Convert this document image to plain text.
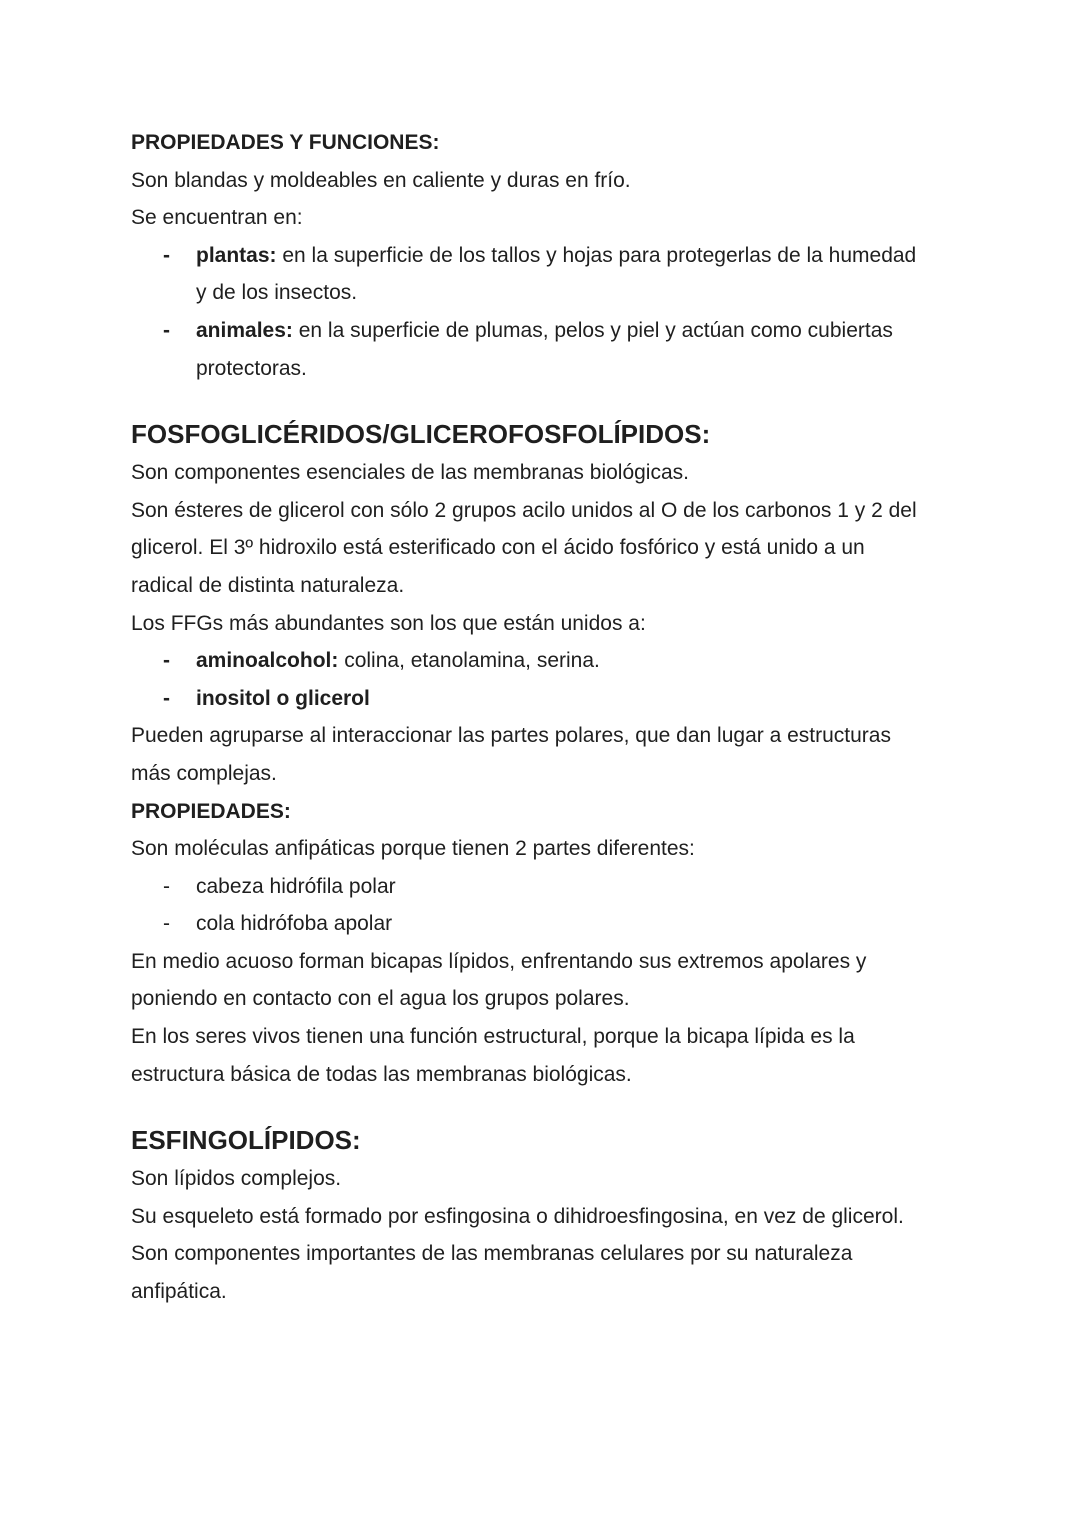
PROPIEDADES Y FUNCIONES:

Son blandas y moldeables en caliente y duras en frío.

Se encuentran en:

- plantas: en la superficie de los tallos y hojas para protegerlas de la humedad
y de los insectos.
- animales: en la superficie de plumas, pelos y piel y actúan como cubiertas
protectoras.

FOSFOGLICÉRIDOS/GLICEROFOSFOLÍPIDOS:

Son componentes esenciales de las membranas biológicas.

Son ésteres de glicerol con sólo 2 grupos acilo unidos al O de los carbonos 1 y 2 del

glicerol. El 3º hidroxilo está esterificado con el ácido fosfórico y está unido a un

radical de distinta naturaleza.

Los FFGs más abundantes son los que están unidos a:

- aminoalcohol: colina, etanolamina, serina.
- inositol o glicerol

Pueden agruparse al interaccionar las partes polares, que dan lugar a estructuras

más complejas.

PROPIEDADES:

Son moléculas anfipáticas porque tienen 2 partes diferentes:

- cabeza hidrófila polar
- cola hidrófoba apolar

En medio acuoso forman bicapas lípidos, enfrentando sus extremos apolares y

poniendo en contacto con el agua los grupos polares.

En los seres vivos tienen una función estructural, porque la bicapa lípida es la

estructura básica de todas las membranas biológicas.

ESFINGOLÍPIDOS:

Son lípidos complejos.

Su esqueleto está formado por esfingosina o dihidroesfingosina, en vez de glicerol.

Son componentes importantes de las membranas celulares por su naturaleza

anfipática.
